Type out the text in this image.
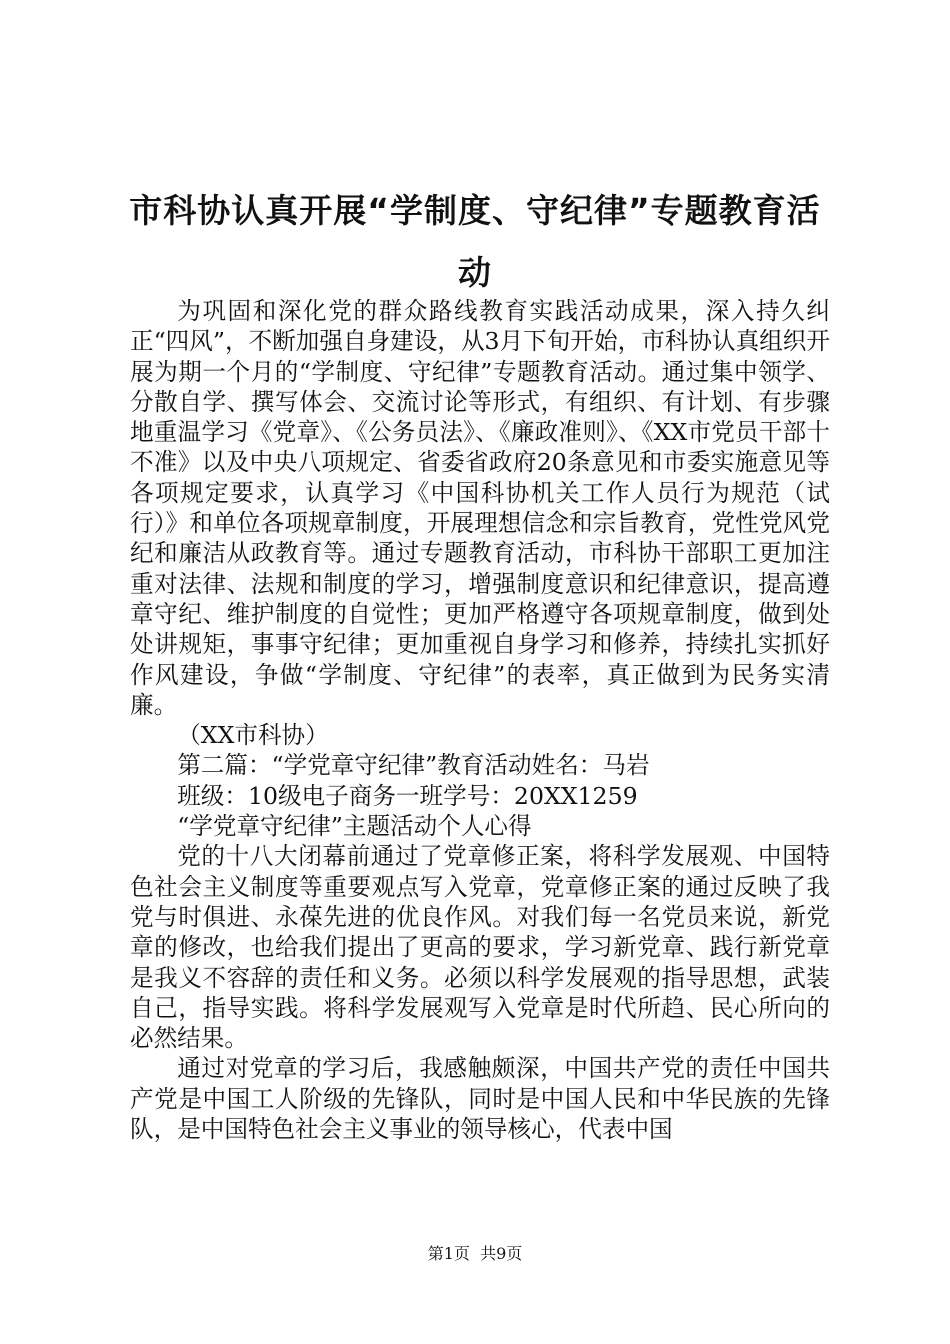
市科协认真开展“学制度、守纪律”专题教育活动

为巩固和深化党的群众路线教育实践活动成果，深入持久纠正“四风”，不断加强自身建设，从3月下旬开始，市科协认真组织开展为期一个月的“学制度、守纪律”专题教育活动。通过集中领学、分散自学、撰写体会、交流讨论等形式，有组织、有计划、有步骤地重温学习《党章》、《公务员法》、《廉政准则》、《XX市党员干部十不准》以及中央八项规定、省委省政府20条意见和市委实施意见等各项规定要求，认真学习《中国科协机关工作人员行为规范（试行）》和单位各项规章制度，开展理想信念和宗旨教育，党性党风党纪和廉洁从政教育等。通过专题教育活动，市科协干部职工更加注重对法律、法规和制度的学习，增强制度意识和纪律意识，提高遵章守纪、维护制度的自觉性；更加严格遵守各项规章制度，做到处处讲规矩，事事守纪律；更加重视自身学习和修养，持续扎实抓好作风建设，争做“学制度、守纪律”的表率，真正做到为民务实清廉。

（XX市科协）

第二篇：“学党章守纪律”教育活动姓名：马岩

班级：10级电子商务一班学号：20XX1259

“学党章守纪律”主题活动个人心得

党的十八大闭幕前通过了党章修正案，将科学发展观、中国特色社会主义制度等重要观点写入党章，党章修正案的通过反映了我党与时俱进、永葆先进的优良作风。对我们每一名党员来说，新党章的修改，也给我们提出了更高的要求，学习新党章、践行新党章是我义不容辞的责任和义务。必须以科学发展观的指导思想，武装自己，指导实践。将科学发展观写入党章是时代所趋、民心所向的必然结果。

通过对党章的学习后，我感触颇深，中国共产党的责任中国共产党是中国工人阶级的先锋队，同时是中国人民和中华民族的先锋队，是中国特色社会主义事业的领导核心，代表中国

第1页  共9页
